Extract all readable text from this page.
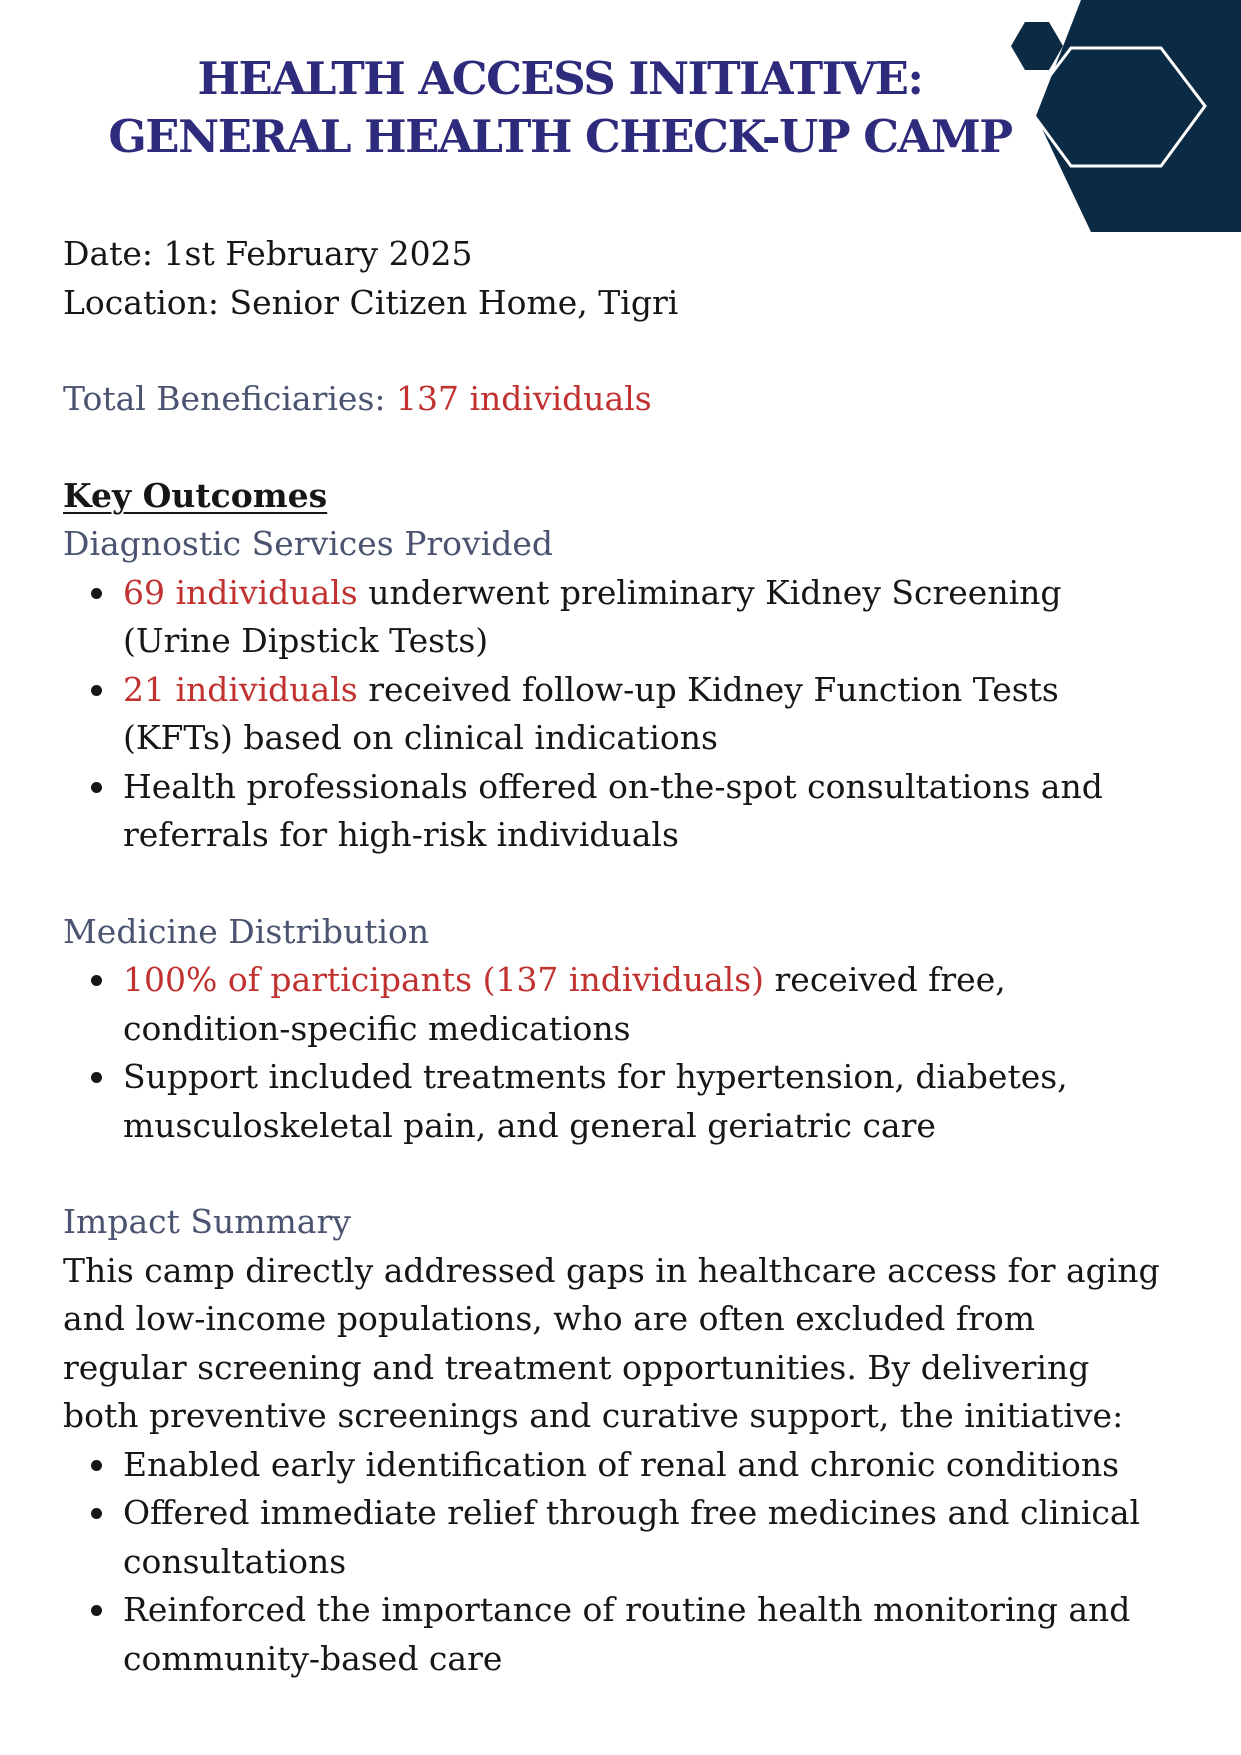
HEALTH ACCESS INITIATIVE:
GENERAL HEALTH CHECK-UP CAMP
Date: 1st February 2025
Location: Senior Citizen Home, Tigri
Total Beneficiaries: 137 individuals
Key Outcomes
Diagnostic Services Provided
69 individuals underwent preliminary Kidney Screening
(Urine Dipstick Tests)
21 individuals received follow-up Kidney Function Tests
(KFTs) based on clinical indications
Health professionals offered on-the-spot consultations and
referrals for high-risk individuals
Medicine Distribution
100% of participants (137 individuals) received free,
condition-specific medications
Support included treatments for hypertension, diabetes,
musculoskeletal pain, and general geriatric care
Impact Summary
This camp directly addressed gaps in healthcare access for aging
and low-income populations, who are often excluded from
regular screening and treatment opportunities. By delivering
both preventive screenings and curative support, the initiative:
Enabled early identification of renal and chronic conditions
Offered immediate relief through free medicines and clinical
consultations
Reinforced the importance of routine health monitoring and
community-based care
